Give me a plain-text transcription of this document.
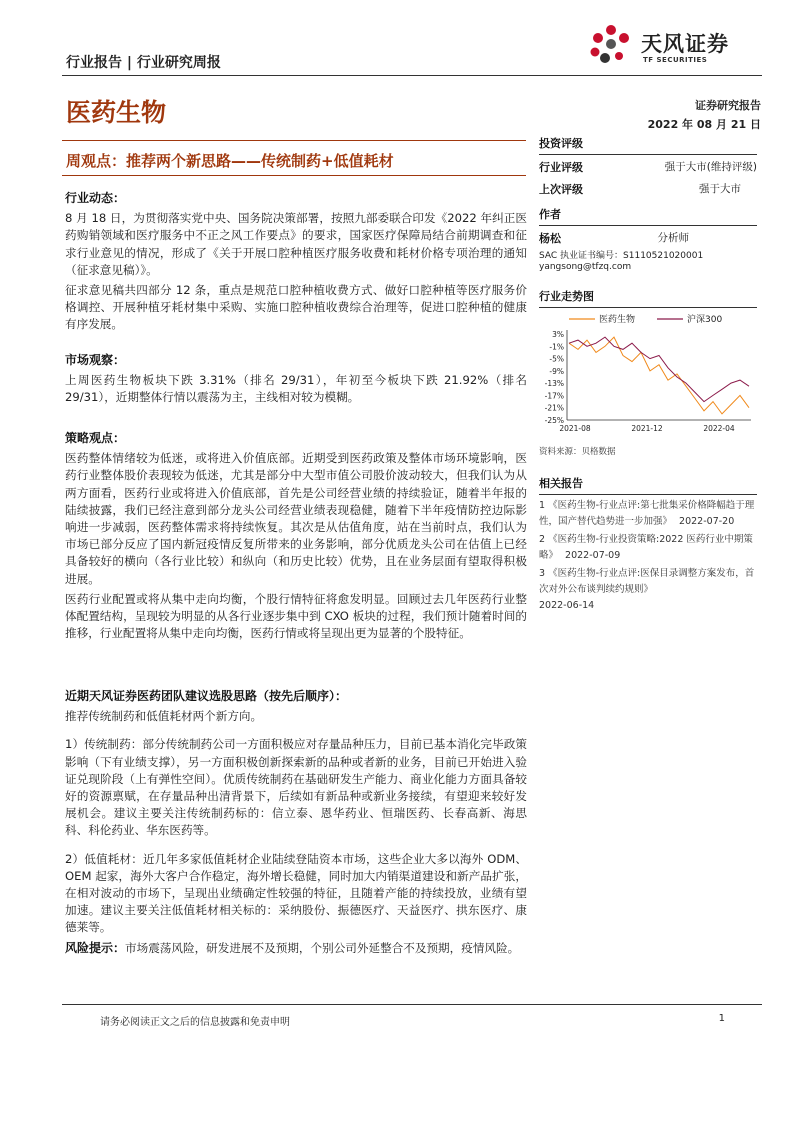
行业报告 | 行业研究周报
天风证券
TF SECURITIES
医药生物	证券研究报告
2022 年 08 月 21 日
周观点：推荐两个新思路——传统制药+低值耗材
行业动态：
8 月 18 日，为贯彻落实党中央、国务院决策部署，按照九部委联合印发《2022 年纠正医药购销领域和医疗服务中不正之风工作要点》的要求，国家医疗保障局结合前期调查和征求行业意见的情况，形成了《关于开展口腔种植医疗服务收费和耗材价格专项治理的通知（征求意见稿）》。
征求意见稿共四部分 12 条，重点是规范口腔种植收费方式、做好口腔种植等医疗服务价格调控、开展种植牙耗材集中采购、实施口腔种植收费综合治理等，促进口腔种植的健康有序发展。
市场观察：
上周医药生物板块下跌 3.31%（排名 29/31），年初至今板块下跌 21.92%（排名 29/31），近期整体行情以震荡为主，主线相对较为模糊。
策略观点：
医药整体情绪较为低迷，或将进入价值底部。近期受到医药政策及整体市场环境影响，医药行业整体股价表现较为低迷，尤其是部分中大型市值公司股价波动较大，但我们认为从两方面看，医药行业或将进入价值底部，首先是公司经营业绩的持续验证，随着半年报的陆续披露，我们已经注意到部分龙头公司经营业绩表现稳健，随着下半年疫情防控边际影响进一步减弱，医药整体需求将持续恢复。其次是从估值角度，站在当前时点，我们认为市场已部分反应了国内新冠疫情反复所带来的业务影响，部分优质龙头公司在估值上已经具备较好的横向（各行业比较）和纵向（和历史比较）优势，且在业务层面有望取得积极进展。
医药行业配置或将从集中走向均衡，个股行情特征将愈发明显。回顾过去几年医药行业整体配置结构，呈现较为明显的从各行业逐步集中到 CXO 板块的过程，我们预计随着时间的推移，行业配置将从集中走向均衡，医药行情或将呈现出更为显著的个股特征。
近期天风证券医药团队建议选股思路（按先后顺序）：
推荐传统制药和低值耗材两个新方向。
1）传统制药：部分传统制药公司一方面积极应对存量品种压力，目前已基本消化完毕政策影响（下有业绩支撑），另一方面积极创新探索新的品种或者新的业务，目前已开始进入验证兑现阶段（上有弹性空间）。优质传统制药在基础研发生产能力、商业化能力方面具备较好的资源禀赋，在存量品种出清背景下，后续如有新品种或新业务接续，有望迎来较好发展机会。建议主要关注传统制药标的：信立泰、恩华药业、恒瑞医药、长春高新、海思科、科伦药业、华东医药等。
2）低值耗材：近几年多家低值耗材企业陆续登陆资本市场，这些企业大多以海外 ODM、OEM 起家，海外大客户合作稳定，海外增长稳健，同时加大内销渠道建设和新产品扩张，在相对波动的市场下，呈现出业绩确定性较强的特征，且随着产能的持续投放，业绩有望加速。建议主要关注低值耗材相关标的：采纳股份、振德医疗、天益医疗、拱东医疗、康德莱等。
风险提示：市场震荡风险，研发进展不及预期，个别公司外延整合不及预期，疫情风险。
投资评级
行业评级	强于大市(维持评级)
上次评级	强于大市
作者
杨松	分析师
SAC 执业证书编号：S1110521020001
yangsong@tfzq.com
行业走势图
医药生物	沪深300
3%
-1%
-5%
-9%
-13%
-17%
-21%
-25%
2021-08	2021-12	2022-04
资料来源：贝格数据
相关报告
1 《医药生物-行业点评:第七批集采价格降幅趋于理性，国产替代趋势进一步加强》 2022-07-20
2 《医药生物-行业投资策略:2022 医药行业中期策略》 2022-07-09
3 《医药生物-行业点评:医保目录调整方案发布，首次对外公布谈判续约规则》
2022-06-14
请务必阅读正文之后的信息披露和免责申明	1
